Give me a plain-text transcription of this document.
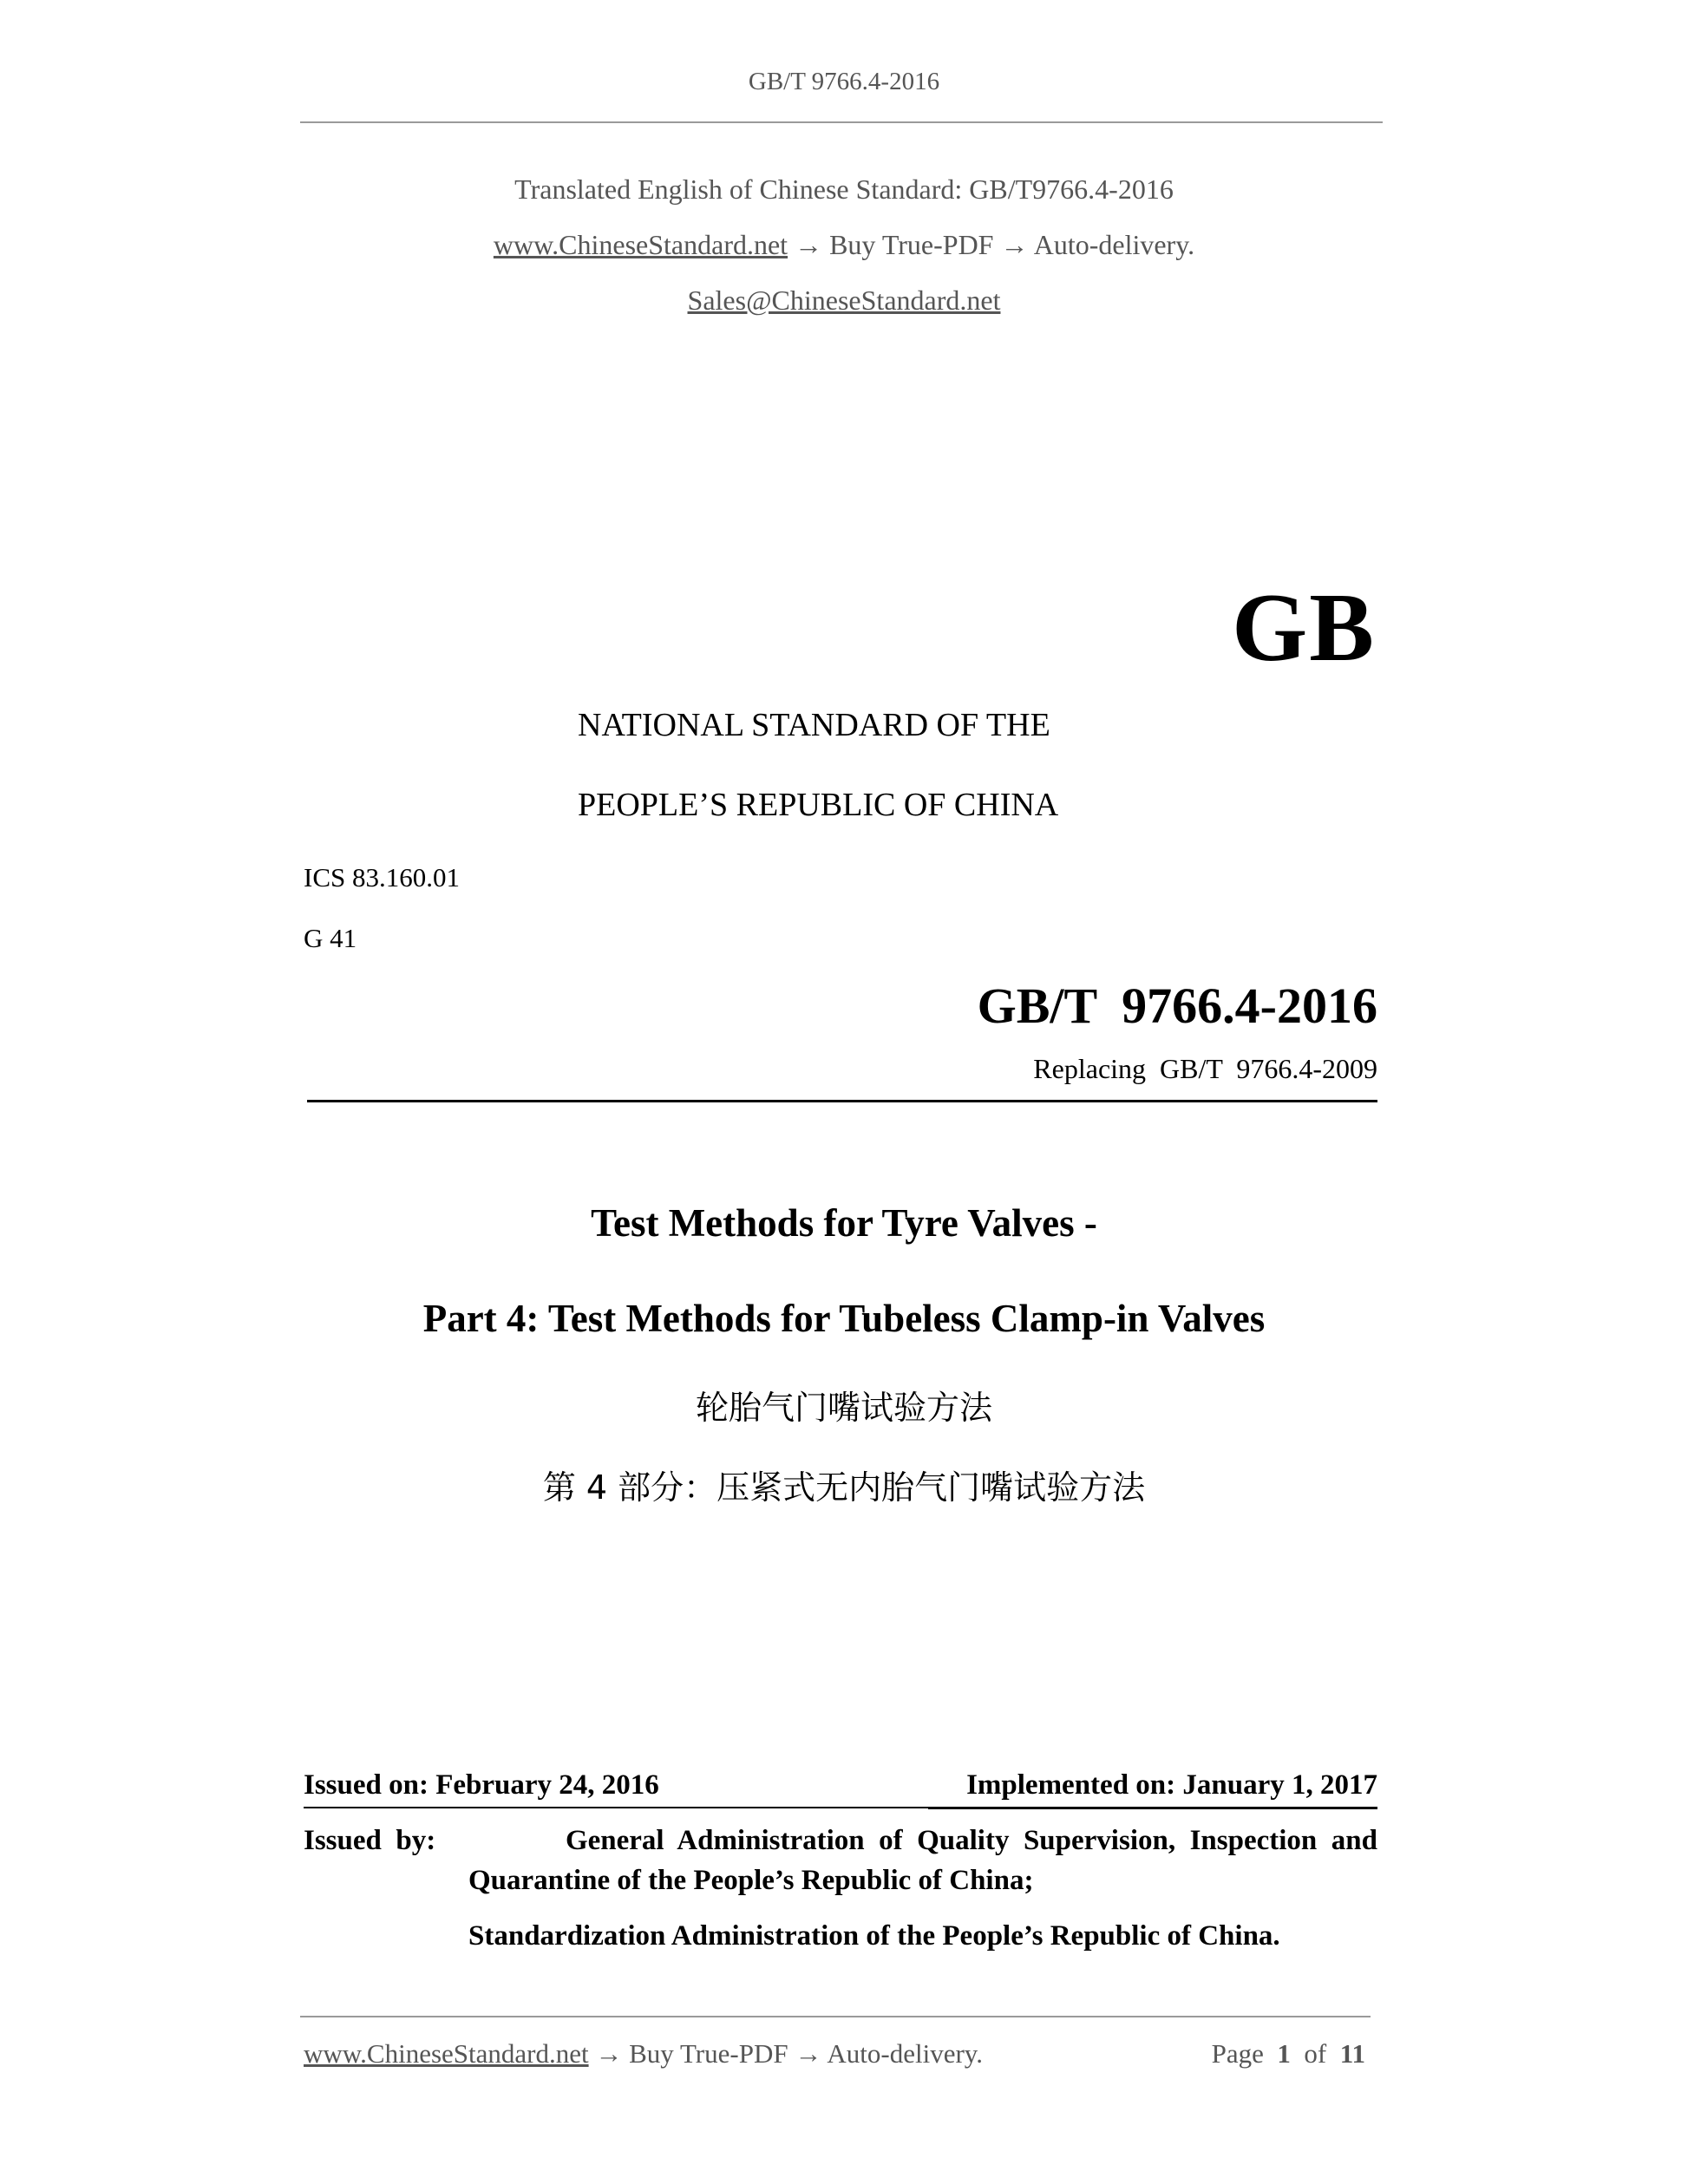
GB/T 9766.4-2016
Translated English of Chinese Standard: GB/T9766.4-2016
www.ChineseStandard.net → Buy True-PDF → Auto-delivery.
Sales@ChineseStandard.net
GB
NATIONAL STANDARD OF THE
PEOPLE’S REPUBLIC OF CHINA
ICS 83.160.01
G 41
GB/T  9766.4-2016
Replacing  GB/T  9766.4-2009
Test Methods for Tyre Valves -
Part 4: Test Methods for Tubeless Clamp-in Valves
轮胎气门嘴试验方法
第 4 部分：压紧式无内胎气门嘴试验方法
Issued on: February 24, 2016	Implemented on: January 1, 2017
Issued  by:	General  Administration  of  Quality  Supervision,  Inspection  and
Quarantine of the People’s Republic of China;
Standardization Administration of the People’s Republic of China.
www.ChineseStandard.net → Buy True-PDF → Auto-delivery.	Page 1 of 11
